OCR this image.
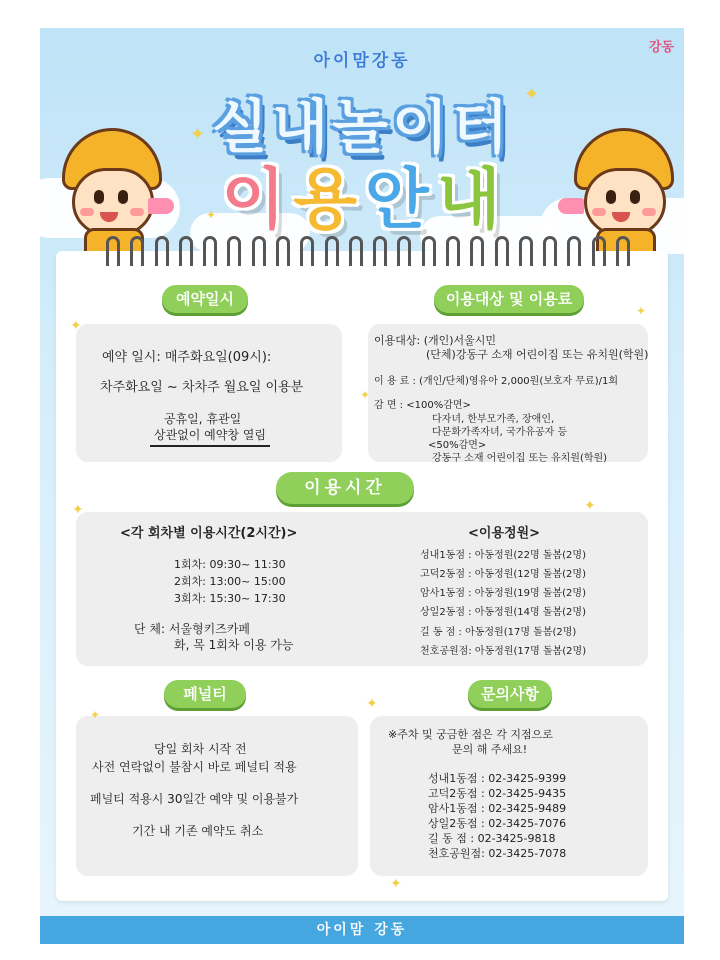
아이맘강동
강동
실내놀이터
이용안내
✦
✦
✦
예약일시
예약 일시: 매주화요일(09시):
차주화요일 ~ 차차주 월요일 이용분
공휴일, 휴관일
상관없이 예약창 열림
이용대상 및 이용료
이용대상: (개인)서울시민
(단체)강동구 소재 어린이집 또는 유치원(학원)
이 용 료 : (개인/단체)영유아 2,000원(보호자 무료)/1회
감 면 : <100%감면>
다자녀, 한부모가족, 장애인,
다문화가족자녀, 국가유공자 등
<50%감면>
강동구 소재 어린이집 또는 유치원(학원)
이용시간
<각 회차별 이용시간(2시간)>
1회차: 09:30~ 11:30
2회차: 13:00~ 15:00
3회차: 15:30~ 17:30
단 체: 서울형키즈카페
화, 목 1회차 이용 가능
<이용정원>
성내1동점 : 아동정원(22명 돌봄(2명)
고덕2동점 : 아동정원(12명 돌봄(2명)
암사1동점 : 아동정원(19명 돌봄(2명)
상일2동점 : 아동정원(14명 돌봄(2명)
길 동 점 : 아동정원(17명 돌봄(2명)
천호공원점: 아동정원(17명 돌봄(2명)
페널티
당일 회차 시작 전
사전 연락없이 불참시 바로 페널티 적용
페널티 적용시 30일간 예약 및 이용불가
기간 내 기존 예약도 취소
문의사항
※주차 및 궁금한 점은 각 지점으로
문의 해 주세요!
성내1동점 : 02-3425-9399
고덕2동점 : 02-3425-9435
암사1동점 : 02-3425-9489
상일2동점 : 02-3425-7076
길 동 점 : 02-3425-9818
천호공원점: 02-3425-7078
✦
✦
✦
✦	✦
✦
✦
✦
아이맘 강동
